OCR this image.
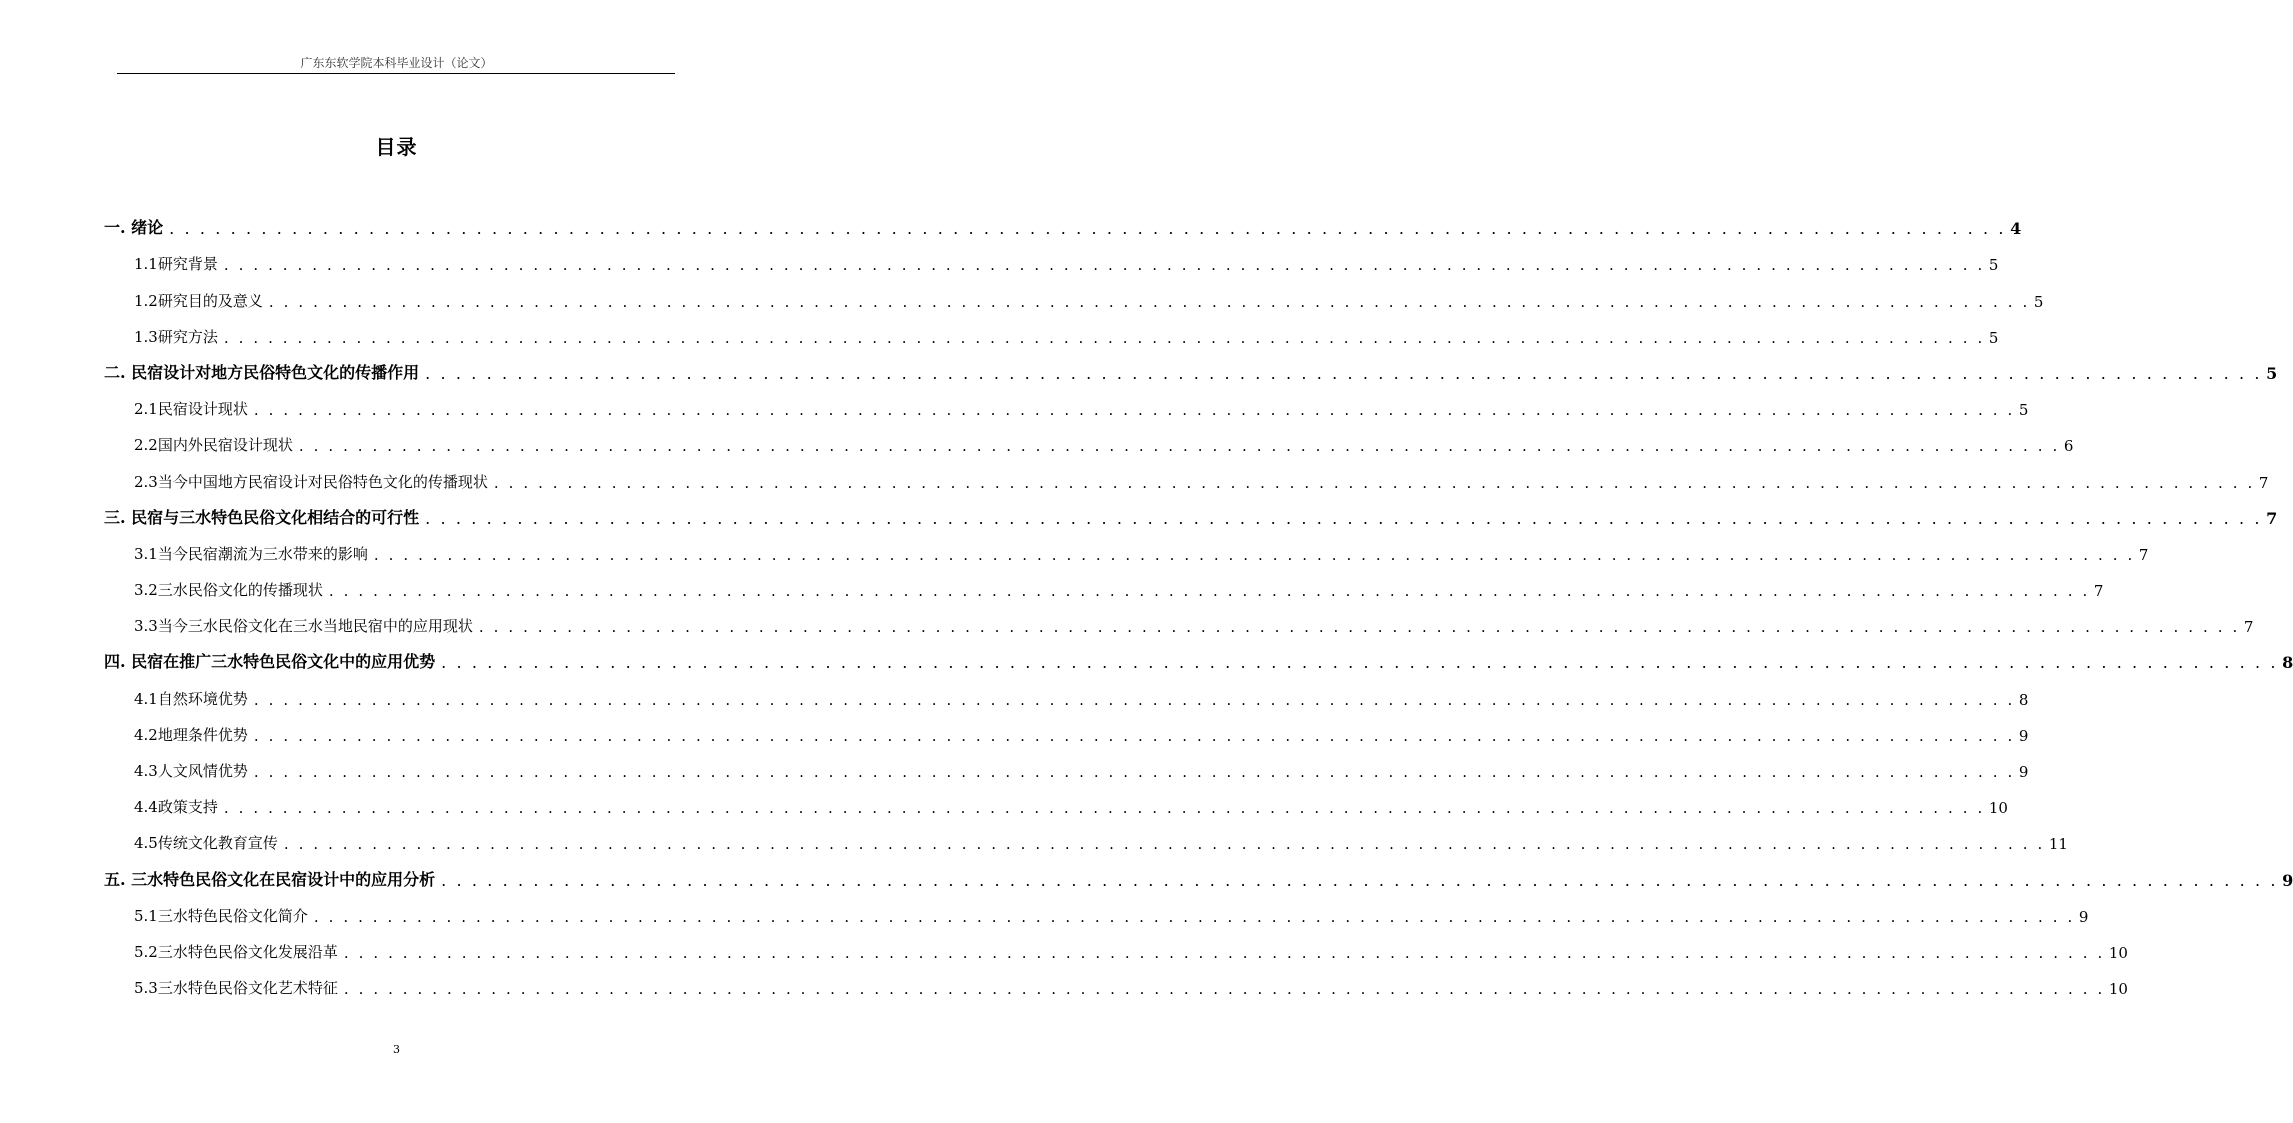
广东东软学院本科毕业设计（论文）
目录
一. 绪论 . . . . . . . . . . . . . . . . . . . . . . . . . . . . . . . . . . . . . . . . . . . . . . . . . . . . . . . . . . . . . . . . . . . . . . . . . . . . . . . . . . . . . . . . . . . . . . . . . . . . . . . . . . . . . . . . . . . . . . . . 4
1.1研究背景 . . . . . . . . . . . . . . . . . . . . . . . . . . . . . . . . . . . . . . . . . . . . . . . . . . . . . . . . . . . . . . . . . . . . . . . . . . . . . . . . . . . . . . . . . . . . . . . . . . . . . . . . . . . . . . . . . . . . . . . . 5
1.2研究目的及意义 . . . . . . . . . . . . . . . . . . . . . . . . . . . . . . . . . . . . . . . . . . . . . . . . . . . . . . . . . . . . . . . . . . . . . . . . . . . . . . . . . . . . . . . . . . . . . . . . . . . . . . . . . . . . . . . . . . . . . . . . 5
1.3研究方法 . . . . . . . . . . . . . . . . . . . . . . . . . . . . . . . . . . . . . . . . . . . . . . . . . . . . . . . . . . . . . . . . . . . . . . . . . . . . . . . . . . . . . . . . . . . . . . . . . . . . . . . . . . . . . . . . . . . . . . . . 5
二. 民宿设计对地方民俗特色文化的传播作用 . . . . . . . . . . . . . . . . . . . . . . . . . . . . . . . . . . . . . . . . . . . . . . . . . . . . . . . . . . . . . . . . . . . . . . . . . . . . . . . . . . . . . . . . . . . . . . . . . . . . . . . . . . . . . . . . . . . . . . . . 5
2.1民宿设计现状 . . . . . . . . . . . . . . . . . . . . . . . . . . . . . . . . . . . . . . . . . . . . . . . . . . . . . . . . . . . . . . . . . . . . . . . . . . . . . . . . . . . . . . . . . . . . . . . . . . . . . . . . . . . . . . . . . . . . . . . . 5
2.2国内外民宿设计现状 . . . . . . . . . . . . . . . . . . . . . . . . . . . . . . . . . . . . . . . . . . . . . . . . . . . . . . . . . . . . . . . . . . . . . . . . . . . . . . . . . . . . . . . . . . . . . . . . . . . . . . . . . . . . . . . . . . . . . . . . 6
2.3当今中国地方民宿设计对民俗特色文化的传播现状 . . . . . . . . . . . . . . . . . . . . . . . . . . . . . . . . . . . . . . . . . . . . . . . . . . . . . . . . . . . . . . . . . . . . . . . . . . . . . . . . . . . . . . . . . . . . . . . . . . . . . . . . . . . . . . . . . . . . . . . . 7
三. 民宿与三水特色民俗文化相结合的可行性 . . . . . . . . . . . . . . . . . . . . . . . . . . . . . . . . . . . . . . . . . . . . . . . . . . . . . . . . . . . . . . . . . . . . . . . . . . . . . . . . . . . . . . . . . . . . . . . . . . . . . . . . . . . . . . . . . . . . . . . . 7
3.1当今民宿潮流为三水带来的影响 . . . . . . . . . . . . . . . . . . . . . . . . . . . . . . . . . . . . . . . . . . . . . . . . . . . . . . . . . . . . . . . . . . . . . . . . . . . . . . . . . . . . . . . . . . . . . . . . . . . . . . . . . . . . . . . . . . . . . . . . 7
3.2三水民俗文化的传播现状 . . . . . . . . . . . . . . . . . . . . . . . . . . . . . . . . . . . . . . . . . . . . . . . . . . . . . . . . . . . . . . . . . . . . . . . . . . . . . . . . . . . . . . . . . . . . . . . . . . . . . . . . . . . . . . . . . . . . . . . . 7
3.3当今三水民俗文化在三水当地民宿中的应用现状 . . . . . . . . . . . . . . . . . . . . . . . . . . . . . . . . . . . . . . . . . . . . . . . . . . . . . . . . . . . . . . . . . . . . . . . . . . . . . . . . . . . . . . . . . . . . . . . . . . . . . . . . . . . . . . . . . . . . . . . . 7
四. 民宿在推广三水特色民俗文化中的应用优势 . . . . . . . . . . . . . . . . . . . . . . . . . . . . . . . . . . . . . . . . . . . . . . . . . . . . . . . . . . . . . . . . . . . . . . . . . . . . . . . . . . . . . . . . . . . . . . . . . . . . . . . . . . . . . . . . . . . . . . . . 8
4.1自然环境优势 . . . . . . . . . . . . . . . . . . . . . . . . . . . . . . . . . . . . . . . . . . . . . . . . . . . . . . . . . . . . . . . . . . . . . . . . . . . . . . . . . . . . . . . . . . . . . . . . . . . . . . . . . . . . . . . . . . . . . . . . 8
4.2地理条件优势 . . . . . . . . . . . . . . . . . . . . . . . . . . . . . . . . . . . . . . . . . . . . . . . . . . . . . . . . . . . . . . . . . . . . . . . . . . . . . . . . . . . . . . . . . . . . . . . . . . . . . . . . . . . . . . . . . . . . . . . . 9
4.3人文风情优势 . . . . . . . . . . . . . . . . . . . . . . . . . . . . . . . . . . . . . . . . . . . . . . . . . . . . . . . . . . . . . . . . . . . . . . . . . . . . . . . . . . . . . . . . . . . . . . . . . . . . . . . . . . . . . . . . . . . . . . . . 9
4.4政策支持 . . . . . . . . . . . . . . . . . . . . . . . . . . . . . . . . . . . . . . . . . . . . . . . . . . . . . . . . . . . . . . . . . . . . . . . . . . . . . . . . . . . . . . . . . . . . . . . . . . . . . . . . . . . . . . . . . . . . . . . . 10
4.5传统文化教育宣传 . . . . . . . . . . . . . . . . . . . . . . . . . . . . . . . . . . . . . . . . . . . . . . . . . . . . . . . . . . . . . . . . . . . . . . . . . . . . . . . . . . . . . . . . . . . . . . . . . . . . . . . . . . . . . . . . . . . . . . . . 11
五. 三水特色民俗文化在民宿设计中的应用分析 . . . . . . . . . . . . . . . . . . . . . . . . . . . . . . . . . . . . . . . . . . . . . . . . . . . . . . . . . . . . . . . . . . . . . . . . . . . . . . . . . . . . . . . . . . . . . . . . . . . . . . . . . . . . . . . . . . . . . . . . 9
5.1三水特色民俗文化简介 . . . . . . . . . . . . . . . . . . . . . . . . . . . . . . . . . . . . . . . . . . . . . . . . . . . . . . . . . . . . . . . . . . . . . . . . . . . . . . . . . . . . . . . . . . . . . . . . . . . . . . . . . . . . . . . . . . . . . . . . 9
5.2三水特色民俗文化发展沿革 . . . . . . . . . . . . . . . . . . . . . . . . . . . . . . . . . . . . . . . . . . . . . . . . . . . . . . . . . . . . . . . . . . . . . . . . . . . . . . . . . . . . . . . . . . . . . . . . . . . . . . . . . . . . . . . . . . . . . . . . 10
5.3三水特色民俗文化艺术特征 . . . . . . . . . . . . . . . . . . . . . . . . . . . . . . . . . . . . . . . . . . . . . . . . . . . . . . . . . . . . . . . . . . . . . . . . . . . . . . . . . . . . . . . . . . . . . . . . . . . . . . . . . . . . . . . . . . . . . . . . 10
3
